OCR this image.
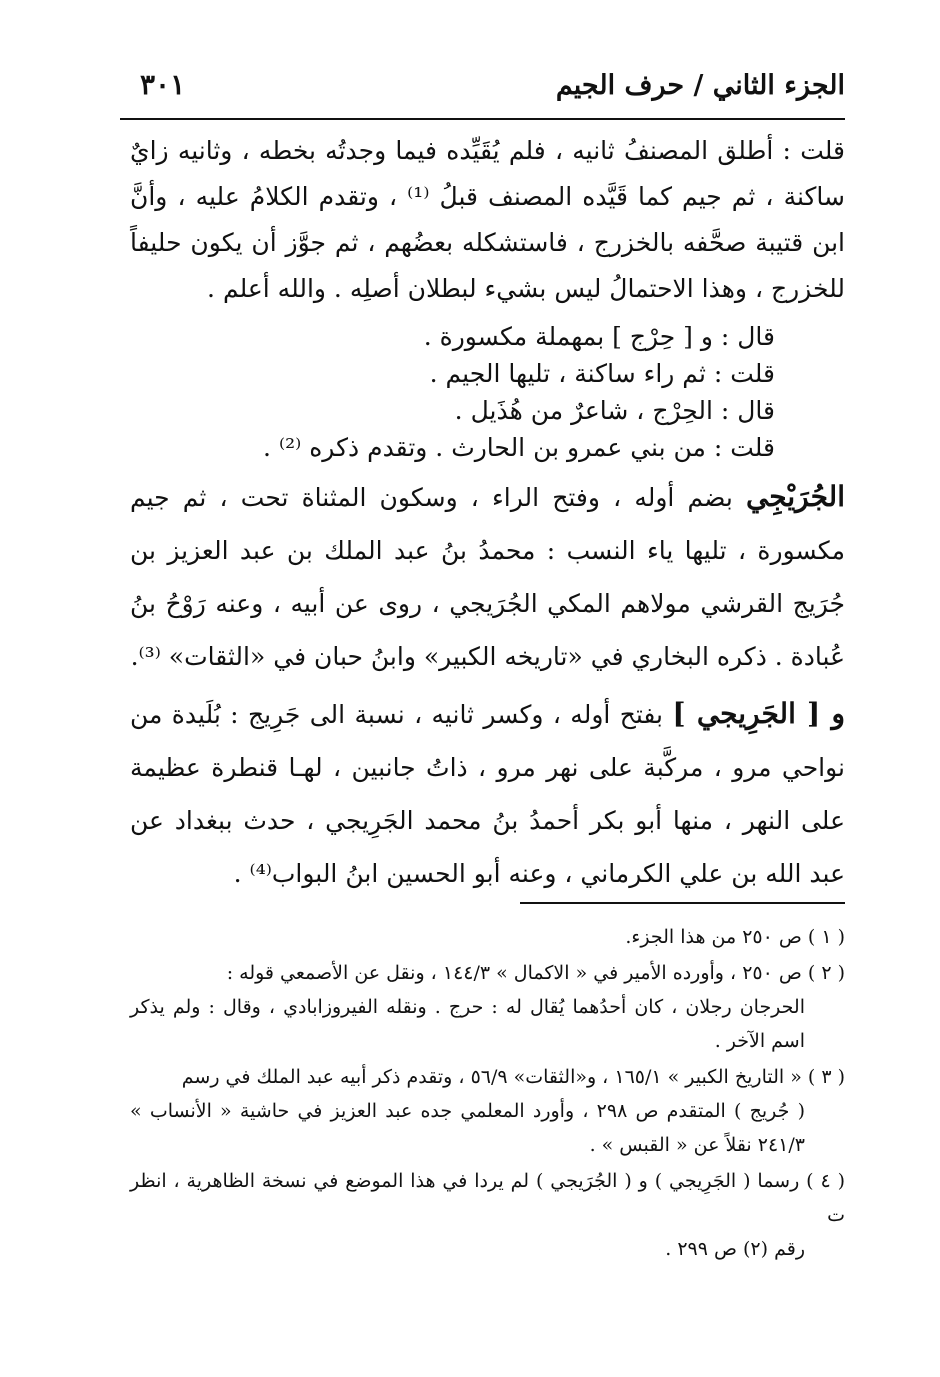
الجزء الثاني / حرف الجيم
٣٠١

قلت : أطلق المصنفُ ثانيه ، فلم يُقَيِّده فيما وجدتُه بخطه ، وثانيه زايٌ ساكنة ، ثم جيم كما قَيَّده المصنف قبلُ ⁽¹⁾ ، وتقدم الكلامُ عليه ، وأنَّ ابن قتيبة صحَّفه بالخزرج ، فاستشكله بعضُهم ، ثم جوَّز أن يكون حليفاً للخزرج ، وهذا الاحتمالُ ليس بشيء لبطلان أصلِه . والله أعلم .

قال : و [ حِرْج ] بمهملة مكسورة .
قلت : ثم راء ساكنة ، تليها الجيم .
قال : الحِرْج ، شاعرٌ من هُذَيل .
قلت : من بني عمرو بن الحارث . وتقدم ذكره ⁽²⁾ .

الجُرَيْجِي بضم أوله ، وفتح الراء ، وسكون المثناة تحت ، ثم جيم مكسورة ، تليها ياء النسب : محمدُ بنُ عبد الملك بن عبد العزيز بن جُرَيج القرشي مولاهم المكي الجُرَيجي ، روى عن أبيه ، وعنه رَوْحُ بنُ عُبادة . ذكره البخاري في «تاريخه الكبير» وابنُ حبان في «الثقات» ⁽³⁾.

و [ الجَرِيجي ] بفتح أوله ، وكسر ثانيه ، نسبة الى جَرِيج : بُلَيدة من نواحي مرو ، مركَّبة على نهر مرو ، ذاتُ جانبين ، لهـا قنطرة عظيمة على النهر ، منها أبو بكر أحمدُ بنُ محمد الجَرِيجي ، حدث ببغداد عن عبد الله بن علي الكرماني ، وعنه أبو الحسين ابنُ البواب⁽⁴⁾ .

( ١ ) ص ٢٥٠ من هذا الجزء.

( ٢ ) ص ٢٥٠ ، وأورده الأمير في « الاكمال » ١٤٤/٣ ، ونقل عن الأصمعي قوله :
الحرجان رجلان ، كان أحدُهما يُقال له : حرج . ونقله الفيروزابادي ، وقال : ولم يذكر اسم الآخر .

( ٣ ) « التاريخ الكبير » ١٦٥/١ ، و«الثقات» ٥٦/٩ ، وتقدم ذكر أبيه عبد الملك في رسم
( جُريج ) المتقدم ص ٢٩٨ ، وأورد المعلمي جده عبد العزيز في حاشية « الأنساب » ٢٤١/٣ نقلاً عن « القبس » .

( ٤ ) رسما ( الجَرِيجي ) و ( الجُرَيجي ) لم يردا في هذا الموضع في نسخة الظاهرية ، انظر ت
رقم (٢) ص ٢٩٩ .
